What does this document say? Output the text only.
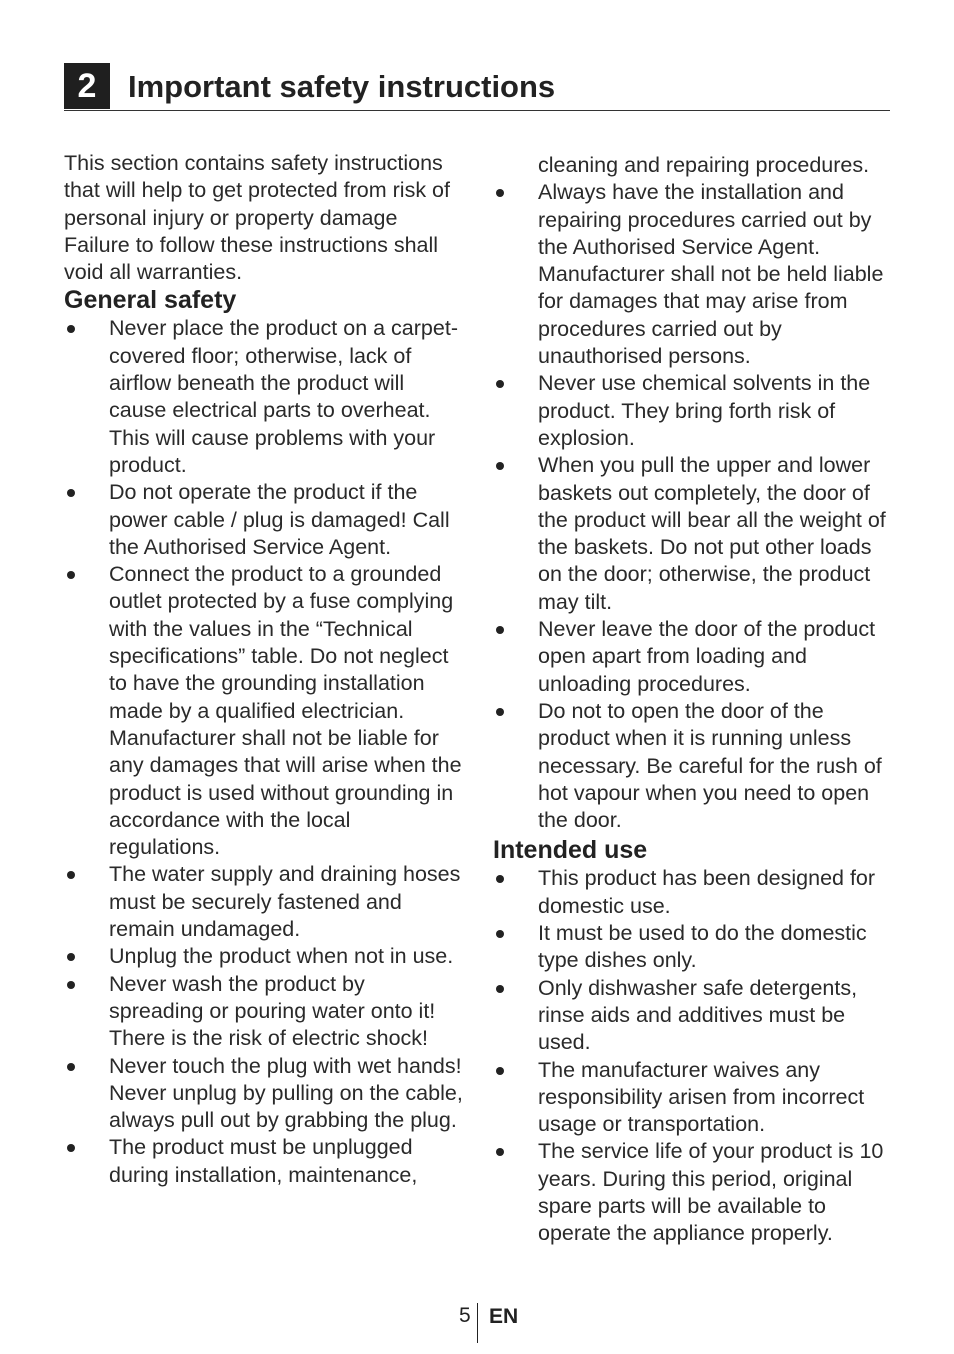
2	Important safety instructions

This section contains safety instructions that will help to get protected from risk of personal injury or property damage Failure to follow these instructions shall void all warranties.

General safety
Never place the product on a carpet-covered floor; otherwise, lack of airflow beneath the product will cause electrical parts to overheat. This will cause problems with your product.
Do not operate the product if the power cable / plug is damaged! Call the Authorised Service Agent.
Connect the product to a grounded outlet protected by a fuse complying with the values in the “Technical specifications” table. Do not neglect to have the grounding installation made by a qualified electrician. Manufacturer shall not be liable for any damages that will arise when the product is used without grounding in accordance with the local regulations.
The water supply and draining hoses must be securely fastened and remain undamaged.
Unplug the product when not in use.
Never wash the product by spreading or pouring water onto it! There is the risk of electric shock!
Never touch the plug with wet hands! Never unplug by pulling on the cable, always pull out by grabbing the plug.
The product must be unplugged during installation, maintenance,

cleaning and repairing procedures.

Always have the installation and repairing procedures carried out by the Authorised Service Agent. Manufacturer shall not be held liable for damages that may arise from procedures carried out by unauthorised persons.
Never use chemical solvents in the product. They bring forth risk of explosion.
When you pull the upper and lower baskets out completely, the door of the product will bear all the weight of the baskets. Do not put other loads on the door; otherwise, the product may tilt.
Never leave the door of the product open apart from loading and unloading procedures.
Do not to open the door of the product when it is running unless necessary. Be careful for the rush of hot vapour when you need to open the door.
Intended use
This product has been designed for domestic use.
It must be used to do the domestic type dishes only.
Only dishwasher safe detergents, rinse aids and additives must be used.
The manufacturer waives any responsibility arisen from incorrect usage or transportation.
The service life of your product is 10 years. During this period, original spare parts will be available to operate the appliance properly.
5 EN
